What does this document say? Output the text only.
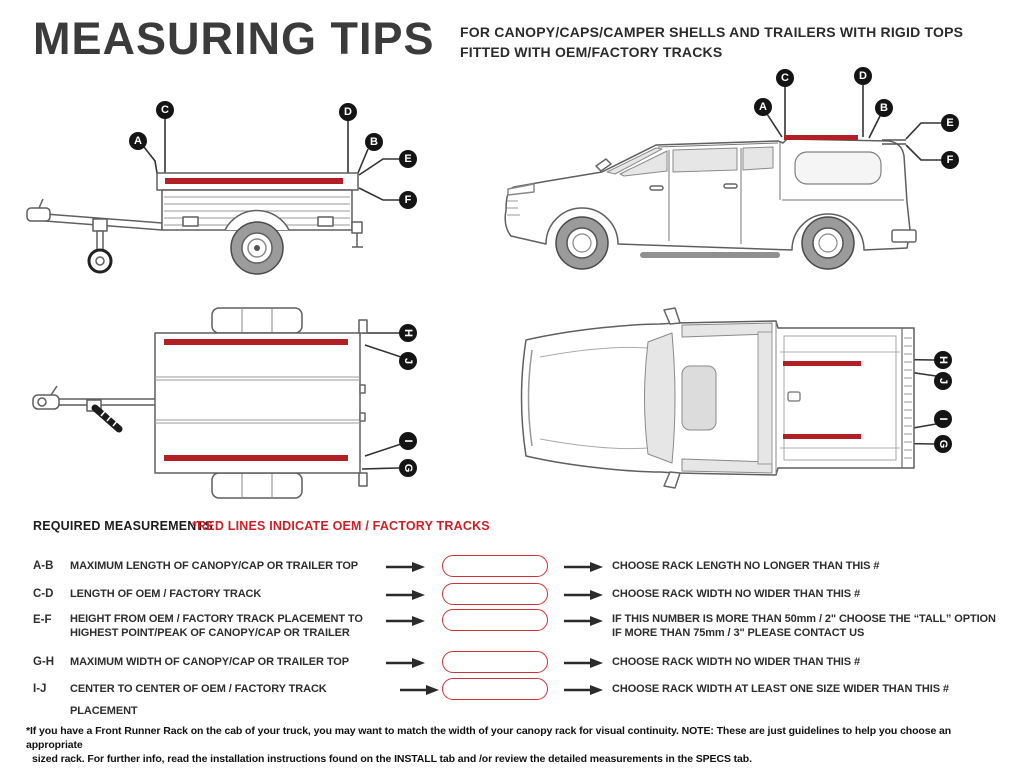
MEASURING TIPS FOR CANOPY/CAPS/CAMPER SHELLS AND TRAILERS WITH RIGID TOPS
FITTED WITH OEM/FACTORY TRACKS
A
C	D
B
E
F
A
C	D
B
E
F
H
J
I
G
H
J
I
G
REQUIRED MEASUREMENTS
*RED LINES INDICATE OEM / FACTORY TRACKS
A-B	MAXIMUM LENGTH OF CANOPY/CAP OR TRAILER TOP	CHOOSE RACK LENGTH NO LONGER THAN THIS #
C-D	LENGTH OF OEM / FACTORY TRACK	CHOOSE RACK WIDTH NO WIDER THAN THIS #
E-F	HEIGHT FROM OEM / FACTORY TRACK PLACEMENT TO
HIGHEST POINT/PEAK OF CANOPY/CAP OR TRAILER
IF THIS NUMBER IS MORE THAN 50mm / 2" CHOOSE THE “TALL” OPTION
IF MORE THAN 75mm / 3" PLEASE CONTACT US
G-H	MAXIMUM WIDTH OF CANOPY/CAP OR TRAILER TOP	CHOOSE RACK WIDTH NO WIDER THAN THIS #
I-J	CENTER TO CENTER OF OEM / FACTORY TRACK PLACEMENT
CHOOSE RACK WIDTH AT LEAST ONE SIZE WIDER THAN THIS #
*If you have a Front Runner Rack on the cab of your truck, you may want to match the width of your canopy rack for visual continuity. NOTE: These are just guidelines to help you choose an appropriate
sized rack. For further info, read the installation instructions found on the INSTALL tab and /or review the detailed measurements in the SPECS tab.
